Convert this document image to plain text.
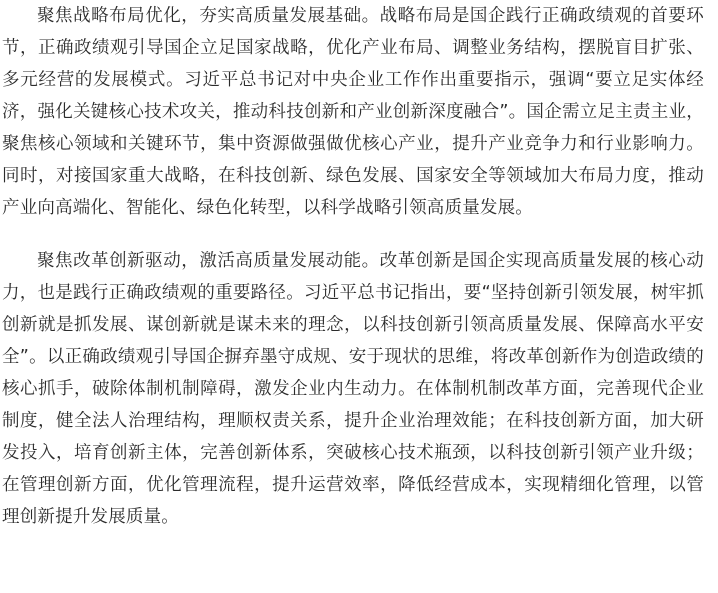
聚焦战略布局优化，夯实高质量发展基础。战略布局是国企践行正确政绩观的首要环节，正确政绩观引导国企立足国家战略，优化产业布局、调整业务结构，摆脱盲目扩张、多元经营的发展模式。习近平总书记对中央企业工作作出重要指示，强调“要立足实体经济，强化关键核心技术攻关，推动科技创新和产业创新深度融合”。国企需立足主责主业，聚焦核心领域和关键环节，集中资源做强做优核心产业，提升产业竞争力和行业影响力。同时，对接国家重大战略，在科技创新、绿色发展、国家安全等领域加大布局力度，推动产业向高端化、智能化、绿色化转型，以科学战略引领高质量发展。

聚焦改革创新驱动，激活高质量发展动能。改革创新是国企实现高质量发展的核心动力，也是践行正确政绩观的重要路径。习近平总书记指出，要“坚持创新引领发展，树牢抓创新就是抓发展、谋创新就是谋未来的理念，以科技创新引领高质量发展、保障高水平安全”。以正确政绩观引导国企摒弃墨守成规、安于现状的思维，将改革创新作为创造政绩的核心抓手，破除体制机制障碍，激发企业内生动力。在体制机制改革方面，完善现代企业制度，健全法人治理结构，理顺权责关系，提升企业治理效能；在科技创新方面，加大研发投入，培育创新主体，完善创新体系，突破核心技术瓶颈，以科技创新引领产业升级；在管理创新方面，优化管理流程，提升运营效率，降低经营成本，实现精细化管理，以管理创新提升发展质量。
